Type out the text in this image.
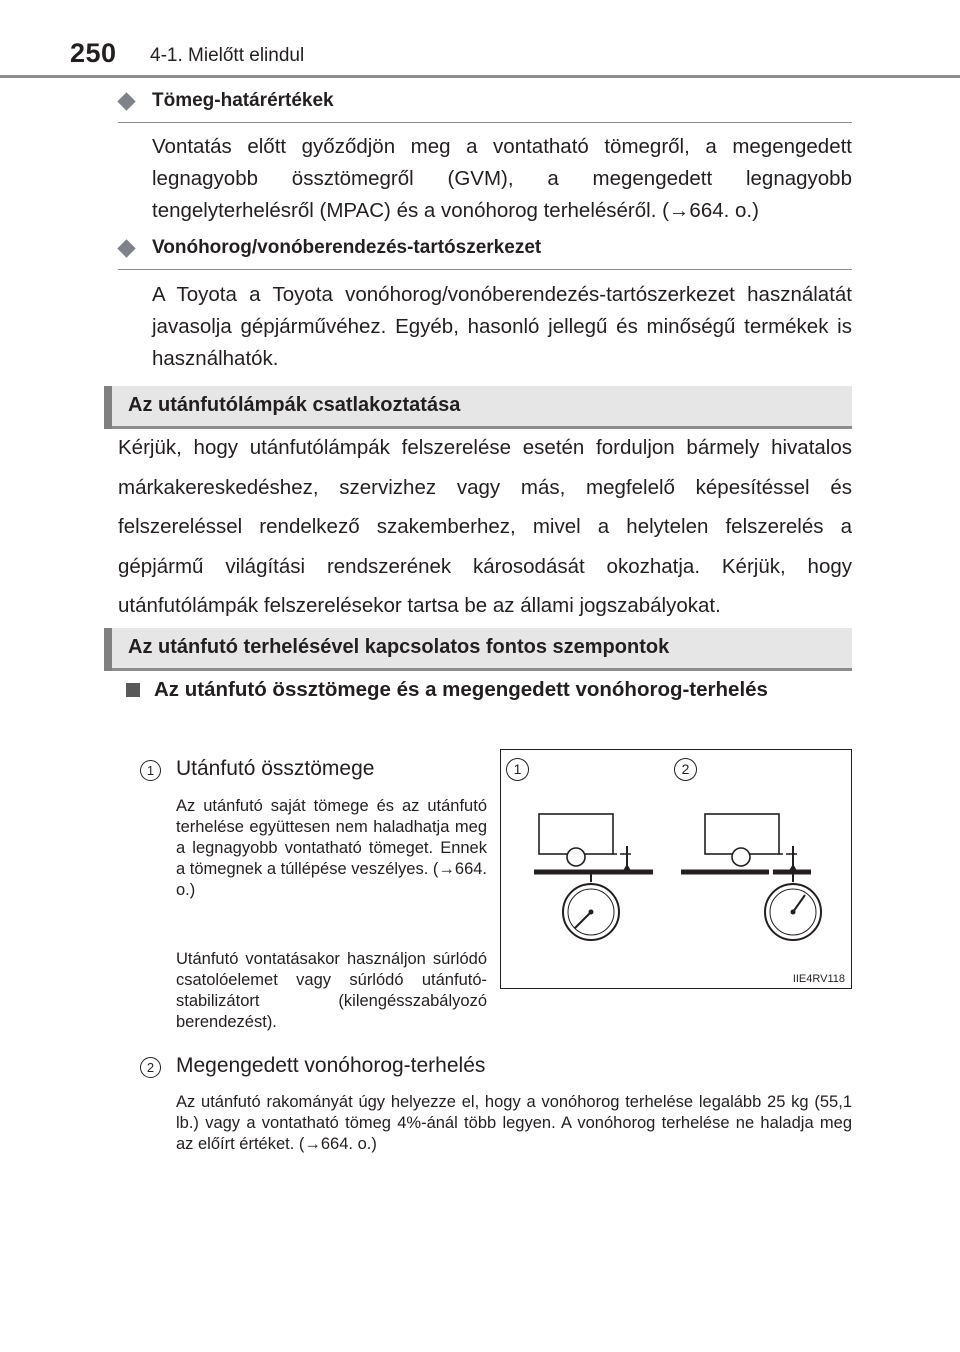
250 4-1. Mielőtt elindul
Tömeg-határértékek
Vontatás előtt győződjön meg a vontatható tömegről, a megengedett legnagyobb össztömegről (GVM), a megengedett legnagyobb tengelyterhelésről (MPAC) és a vonóhorog terheléséről. (→664. o.)
Vonóhorog/vonóberendezés-tartószerkezet
A Toyota a Toyota vonóhorog/vonóberendezés-tartószerkezet használatát javasolja gépjárművéhez. Egyéb, hasonló jellegű és minőségű termékek is használhatók.
Az utánfutólámpák csatlakoztatása
Kérjük, hogy utánfutólámpák felszerelése esetén forduljon bármely hivatalos márkakereskedéshez, szervizhez vagy más, megfelelő képesítéssel és felszereléssel rendelkező szakemberhez, mivel a helytelen felszerelés a gépjármű világítási rendszerének károsodását okozhatja. Kérjük, hogy utánfutólámpák felszerelésekor tartsa be az állami jogszabályokat.
Az utánfutó terhelésével kapcsolatos fontos szempontok
Az utánfutó össztömege és a megengedett vonóhorog-terhelés
1	Utánfutó össztömege
Az utánfutó saját tömege és az utánfutó terhelése együttesen nem haladhatja meg a legnagyobb vontatható tömeget. Ennek a tömegnek a túllépése veszélyes. (→664. o.)
Utánfutó vontatásakor használjon súrlódó csatolóelemet vagy súrlódó utánfutó-stabilizátort (kilengésszabályozó berendezést).
2	Megengedett vonóhorog-terhelés
Az utánfutó rakományát úgy helyezze el, hogy a vonóhorog terhelése legalább 25 kg (55,1 lb.) vagy a vontatható tömeg 4%-ánál több legyen. A vonóhorog terhelése ne haladja meg az előírt értéket. (→664. o.)
1	2
IIE4RV118
